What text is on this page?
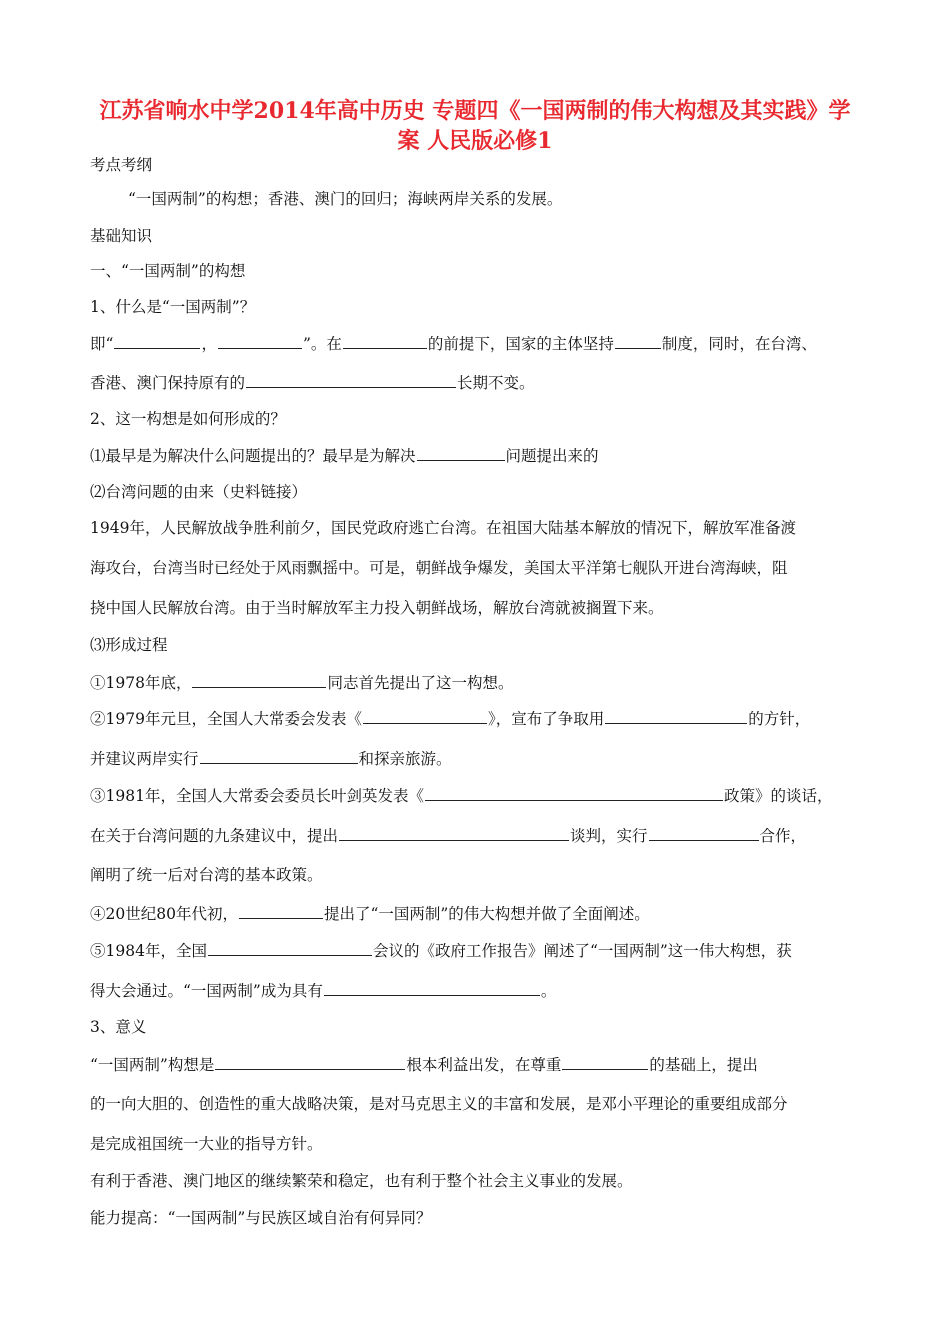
江苏省响水中学2014年高中历史 专题四《一国两制的伟大构想及其实践》学
案 人民版必修1
考点考纲
“一国两制”的构想；香港、澳门的回归；海峡两岸关系的发展。
基础知识
一、“一国两制”的构想
1、什么是“一国两制”？
即“	，	”。在	的前提下，国家的主体坚持	制度，同时，在台湾、
香港、澳门保持原有的	长期不变。
2、这一构想是如何形成的？
⑴最早是为解决什么问题提出的？最早是为解决	问题提出来的
⑵台湾问题的由来（史料链接）
1949年，人民解放战争胜利前夕，国民党政府逃亡台湾。在祖国大陆基本解放的情况下，解放军准备渡
海攻台，台湾当时已经处于风雨飘摇中。可是，朝鲜战争爆发，美国太平洋第七舰队开进台湾海峡，阻
挠中国人民解放台湾。由于当时解放军主力投入朝鲜战场，解放台湾就被搁置下来。
⑶形成过程
①1978年底，	同志首先提出了这一构想。
②1979年元旦，全国人大常委会发表《	》，宣布了争取用	的方针，
并建议两岸实行	和探亲旅游。
③1981年，全国人大常委会委员长叶剑英发表《	政策》的谈话，
在关于台湾问题的九条建议中，提出	谈判，实行	合作，
阐明了统一后对台湾的基本政策。
④20世纪80年代初，	提出了“一国两制”的伟大构想并做了全面阐述。
⑤1984年，全国	会议的《政府工作报告》阐述了“一国两制”这一伟大构想，获
得大会通过。“一国两制”成为具有	。
3、意义
“一国两制”构想是	根本利益出发，在尊重	的基础上，提出
的一向大胆的、创造性的重大战略决策，是对马克思主义的丰富和发展，是邓小平理论的重要组成部分
是完成祖国统一大业的指导方针。
有利于香港、澳门地区的继续繁荣和稳定，也有利于整个社会主义事业的发展。
能力提高：“一国两制”与民族区域自治有何异同？
